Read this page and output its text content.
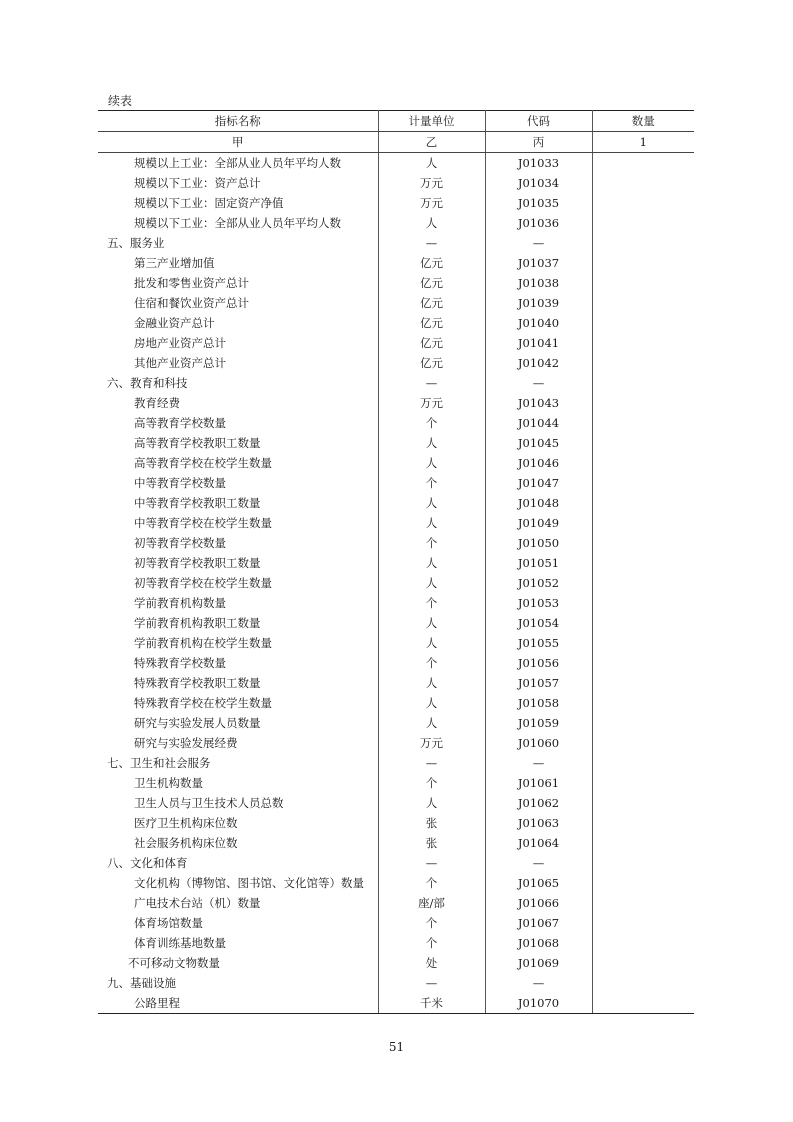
续表
指标名称	计量单位	代码	数量
甲	乙	丙	1
规模以上工业：全部从业人员年平均人数	人	J01033	
规模以下工业：资产总计	万元	J01034	
规模以下工业：固定资产净值	万元	J01035	
规模以下工业：全部从业人员年平均人数	人	J01036	
五、服务业	—	—	
第三产业增加值	亿元	J01037	
批发和零售业资产总计	亿元	J01038	
住宿和餐饮业资产总计	亿元	J01039	
金融业资产总计	亿元	J01040	
房地产业资产总计	亿元	J01041	
其他产业资产总计	亿元	J01042	
六、教育和科技	—	—	
教育经费	万元	J01043	
高等教育学校数量	个	J01044	
高等教育学校教职工数量	人	J01045	
高等教育学校在校学生数量	人	J01046	
中等教育学校数量	个	J01047	
中等教育学校教职工数量	人	J01048	
中等教育学校在校学生数量	人	J01049	
初等教育学校数量	个	J01050	
初等教育学校教职工数量	人	J01051	
初等教育学校在校学生数量	人	J01052	
学前教育机构数量	个	J01053	
学前教育机构教职工数量	人	J01054	
学前教育机构在校学生数量	人	J01055	
特殊教育学校数量	个	J01056	
特殊教育学校教职工数量	人	J01057	
特殊教育学校在校学生数量	人	J01058	
研究与实验发展人员数量	人	J01059	
研究与实验发展经费	万元	J01060	
七、卫生和社会服务	—	—	
卫生机构数量	个	J01061	
卫生人员与卫生技术人员总数	人	J01062	
医疗卫生机构床位数	张	J01063	
社会服务机构床位数	张	J01064	
八、文化和体育	—	—	
文化机构（博物馆、图书馆、文化馆等）数量	个	J01065	
广电技术台站（机）数量	座/部	J01066	
体育场馆数量	个	J01067	
体育训练基地数量	个	J01068	
不可移动文物数量	处	J01069	
九、基础设施	—	—	
公路里程	千米	J01070	
51
